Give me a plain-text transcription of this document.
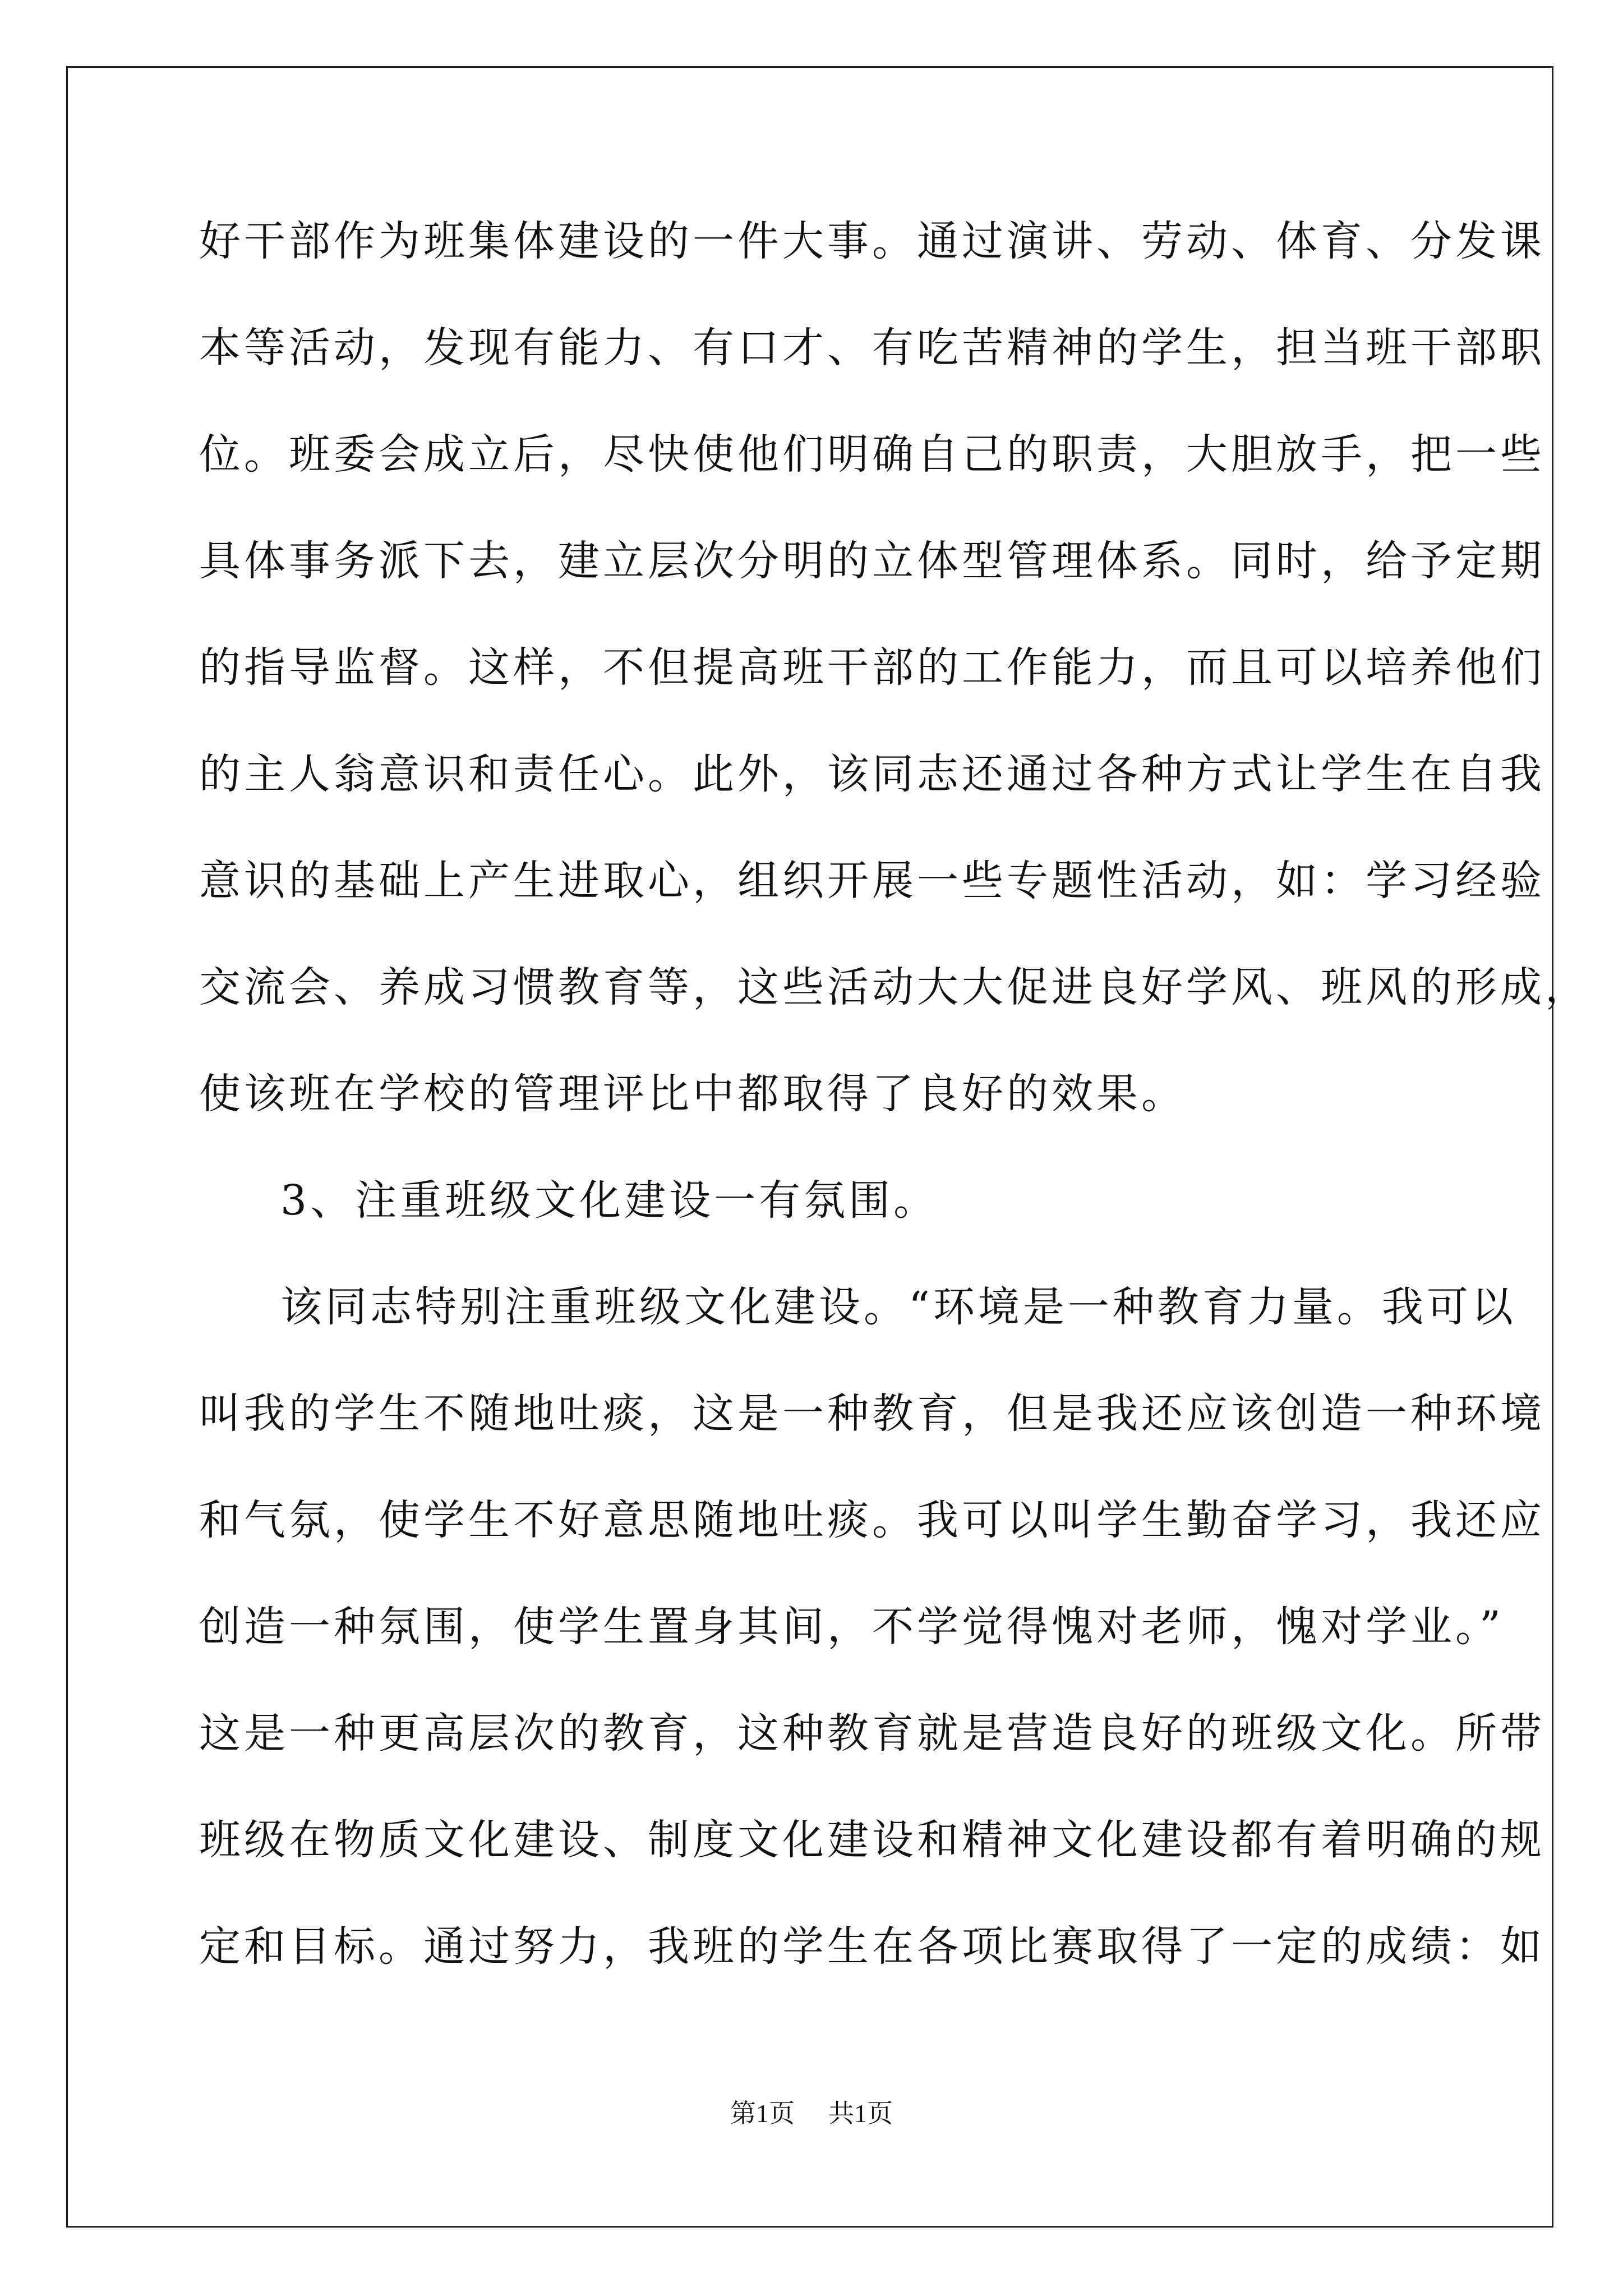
好干部作为班集体建设的一件大事。通过演讲、劳动、体育、分发课
本等活动，发现有能力、有口才、有吃苦精神的学生，担当班干部职
位。班委会成立后，尽快使他们明确自己的职责，大胆放手，把一些
具体事务派下去，建立层次分明的立体型管理体系。同时，给予定期
的指导监督。这样，不但提高班干部的工作能力，而且可以培养他们
的主人翁意识和责任心。此外，该同志还通过各种方式让学生在自我
意识的基础上产生进取心，组织开展一些专题性活动，如：学习经验
交流会、养成习惯教育等，这些活动大大促进良好学风、班风的形成，
使该班在学校的管理评比中都取得了良好的效果。
3、注重班级文化建设一有氛围。
该同志特别注重班级文化建设。“环境是一种教育力量。我可以
叫我的学生不随地吐痰，这是一种教育，但是我还应该创造一种环境
和气氛，使学生不好意思随地吐痰。我可以叫学生勤奋学习，我还应
创造一种氛围，使学生置身其间，不学觉得愧对老师，愧对学业。”
这是一种更高层次的教育，这种教育就是营造良好的班级文化。所带
班级在物质文化建设、制度文化建设和精神文化建设都有着明确的规
定和目标。通过努力，我班的学生在各项比赛取得了一定的成绩：如
第1页 共1页
